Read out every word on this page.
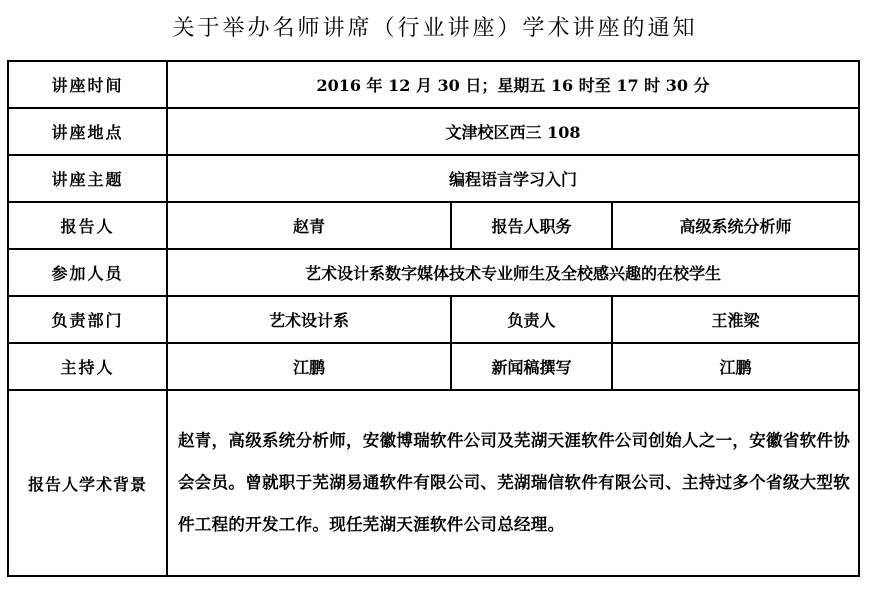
关于举办名师讲席（行业讲座）学术讲座的通知
讲座时间	2016 年 12 月 30 日；星期五 16 时至 17 时 30 分		
讲座地点	文津校区西三 108		
讲座主题	编程语言学习入门		
报告人	赵青	报告人职务	高级系统分析师
参加人员	艺术设计系数字媒体技术专业师生及全校感兴趣的在校学生		
负责部门	艺术设计系	负责人	王淮梁
主持人	江鹏	新闻稿撰写	江鹏
报告人学术背景	赵青，高级系统分析师，安徽博瑞软件公司及芜湖天涯软件公司创始人之一，安徽省软件协会会员。曾就职于芜湖易通软件有限公司、芜湖瑞信软件有限公司、主持过多个省级大型软件工程的开发工作。现任芜湖天涯软件公司总经理。		
